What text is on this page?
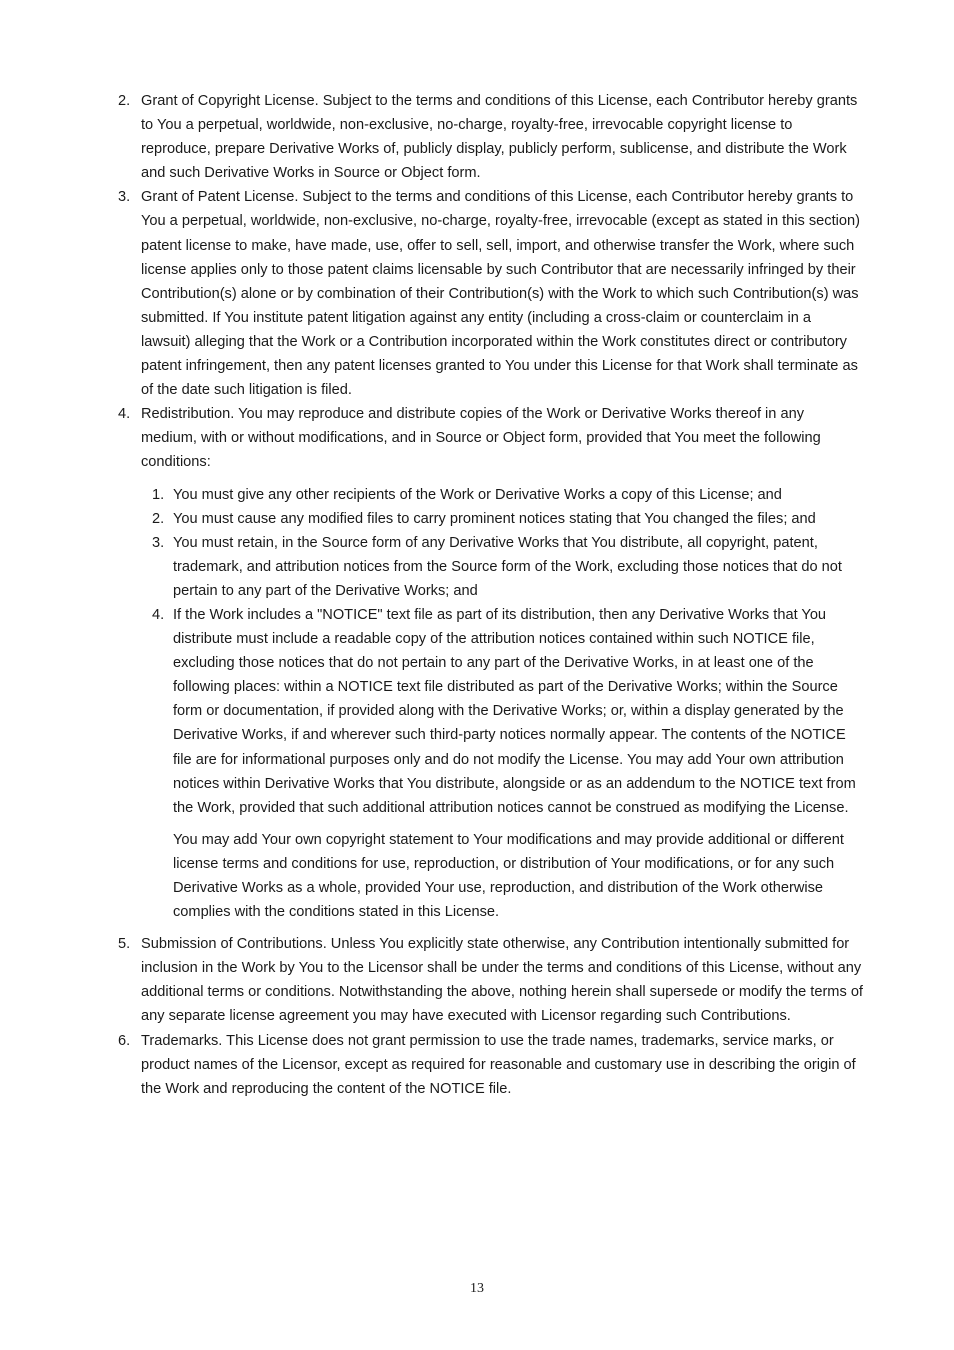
2. Grant of Copyright License. Subject to the terms and conditions of this License, each Contributor hereby grants to You a perpetual, worldwide, non-exclusive, no-charge, royalty-free, irrevocable copyright license to reproduce, prepare Derivative Works of, publicly display, publicly perform, sublicense, and distribute the Work and such Derivative Works in Source or Object form.
3. Grant of Patent License. Subject to the terms and conditions of this License, each Contributor hereby grants to You a perpetual, worldwide, non-exclusive, no-charge, royalty-free, irrevocable (except as stated in this section) patent license to make, have made, use, offer to sell, sell, import, and otherwise transfer the Work, where such license applies only to those patent claims licensable by such Contributor that are necessarily infringed by their Contribution(s) alone or by combination of their Contribution(s) with the Work to which such Contribution(s) was submitted. If You institute patent litigation against any entity (including a cross-claim or counterclaim in a lawsuit) alleging that the Work or a Contribution incorporated within the Work constitutes direct or contributory patent infringement, then any patent licenses granted to You under this License for that Work shall terminate as of the date such litigation is filed.
4. Redistribution. You may reproduce and distribute copies of the Work or Derivative Works thereof in any medium, with or without modifications, and in Source or Object form, provided that You meet the following conditions:
1. You must give any other recipients of the Work or Derivative Works a copy of this License; and
2. You must cause any modified files to carry prominent notices stating that You changed the files; and
3. You must retain, in the Source form of any Derivative Works that You distribute, all copyright, patent, trademark, and attribution notices from the Source form of the Work, excluding those notices that do not pertain to any part of the Derivative Works; and
4. If the Work includes a "NOTICE" text file as part of its distribution, then any Derivative Works that You distribute must include a readable copy of the attribution notices contained within such NOTICE file, excluding those notices that do not pertain to any part of the Derivative Works, in at least one of the following places: within a NOTICE text file distributed as part of the Derivative Works; within the Source form or documentation, if provided along with the Derivative Works; or, within a display generated by the Derivative Works, if and wherever such third-party notices normally appear. The contents of the NOTICE file are for informational purposes only and do not modify the License. You may add Your own attribution notices within Derivative Works that You distribute, alongside or as an addendum to the NOTICE text from the Work, provided that such additional attribution notices cannot be construed as modifying the License.
You may add Your own copyright statement to Your modifications and may provide additional or different license terms and conditions for use, reproduction, or distribution of Your modifications, or for any such Derivative Works as a whole, provided Your use, reproduction, and distribution of the Work otherwise complies with the conditions stated in this License.
5. Submission of Contributions. Unless You explicitly state otherwise, any Contribution intentionally submitted for inclusion in the Work by You to the Licensor shall be under the terms and conditions of this License, without any additional terms or conditions. Notwithstanding the above, nothing herein shall supersede or modify the terms of any separate license agreement you may have executed with Licensor regarding such Contributions.
6. Trademarks. This License does not grant permission to use the trade names, trademarks, service marks, or product names of the Licensor, except as required for reasonable and customary use in describing the origin of the Work and reproducing the content of the NOTICE file.
13
